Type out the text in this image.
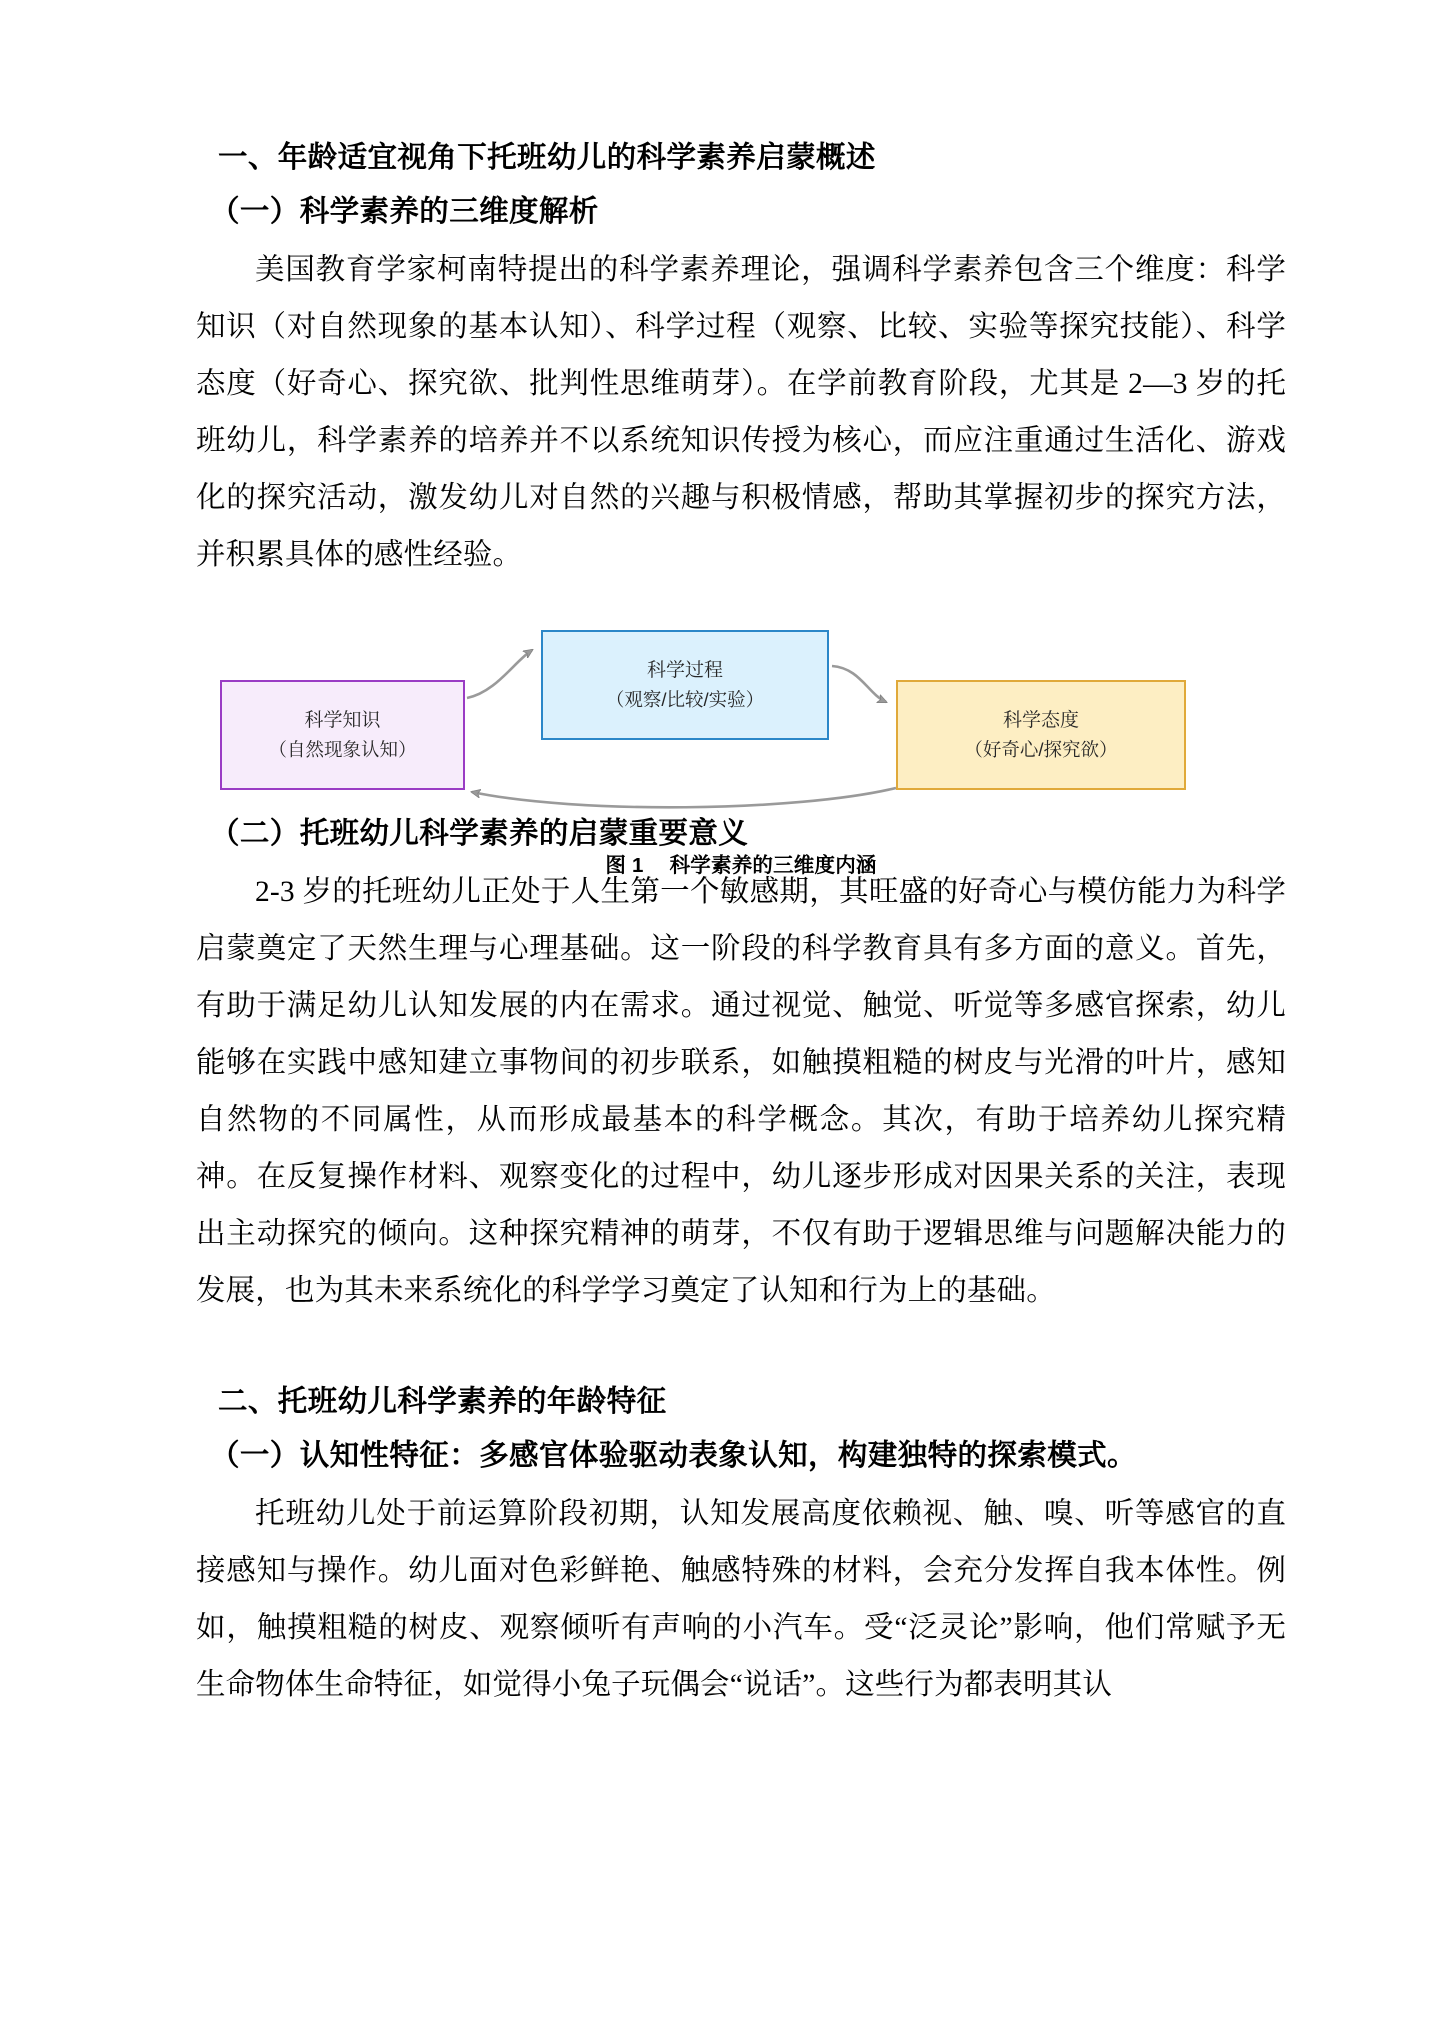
一、年龄适宜视角下托班幼儿的科学素养启蒙概述
（一）科学素养的三维度解析

美国教育学家柯南特提出的科学素养理论，强调科学素养包含三个维度：科学知识（对自然现象的基本认知）、科学过程（观察、比较、实验等探究技能）、科学态度（好奇心、探究欲、批判性思维萌芽）。在学前教育阶段，尤其是 2—3 岁的托班幼儿，科学素养的培养并不以系统知识传授为核心，而应注重通过生活化、游戏化的探究活动，激发幼儿对自然的兴趣与积极情感，帮助其掌握初步的探究方法，并积累具体的感性经验。

科学知识
（自然现象认知）
科学过程
（观察/比较/实验）
科学态度
（好奇心/探究欲）
图 1 科学素养的三维度内涵
（二）托班幼儿科学素养的启蒙重要意义

2-3 岁的托班幼儿正处于人生第一个敏感期，其旺盛的好奇心与模仿能力为科学启蒙奠定了天然生理与心理基础。这一阶段的科学教育具有多方面的意义。首先，有助于满足幼儿认知发展的内在需求。通过视觉、触觉、听觉等多感官探索，幼儿能够在实践中感知建立事物间的初步联系，如触摸粗糙的树皮与光滑的叶片，感知自然物的不同属性，从而形成最基本的科学概念。其次，有助于培养幼儿探究精神。在反复操作材料、观察变化的过程中，幼儿逐步形成对因果关系的关注，表现出主动探究的倾向。这种探究精神的萌芽，不仅有助于逻辑思维与问题解决能力的发展，也为其未来系统化的科学学习奠定了认知和行为上的基础。

二、托班幼儿科学素养的年龄特征
（一）认知性特征：多感官体验驱动表象认知，构建独特的探索模式。

托班幼儿处于前运算阶段初期，认知发展高度依赖视、触、嗅、听等感官的直接感知与操作。幼儿面对色彩鲜艳、触感特殊的材料，会充分发挥自我本体性。例如，触摸粗糙的树皮、观察倾听有声响的小汽车。受“泛灵论”影响，他们常赋予无生命物体生命特征，如觉得小兔子玩偶会“说话”。这些行为都表明其认
